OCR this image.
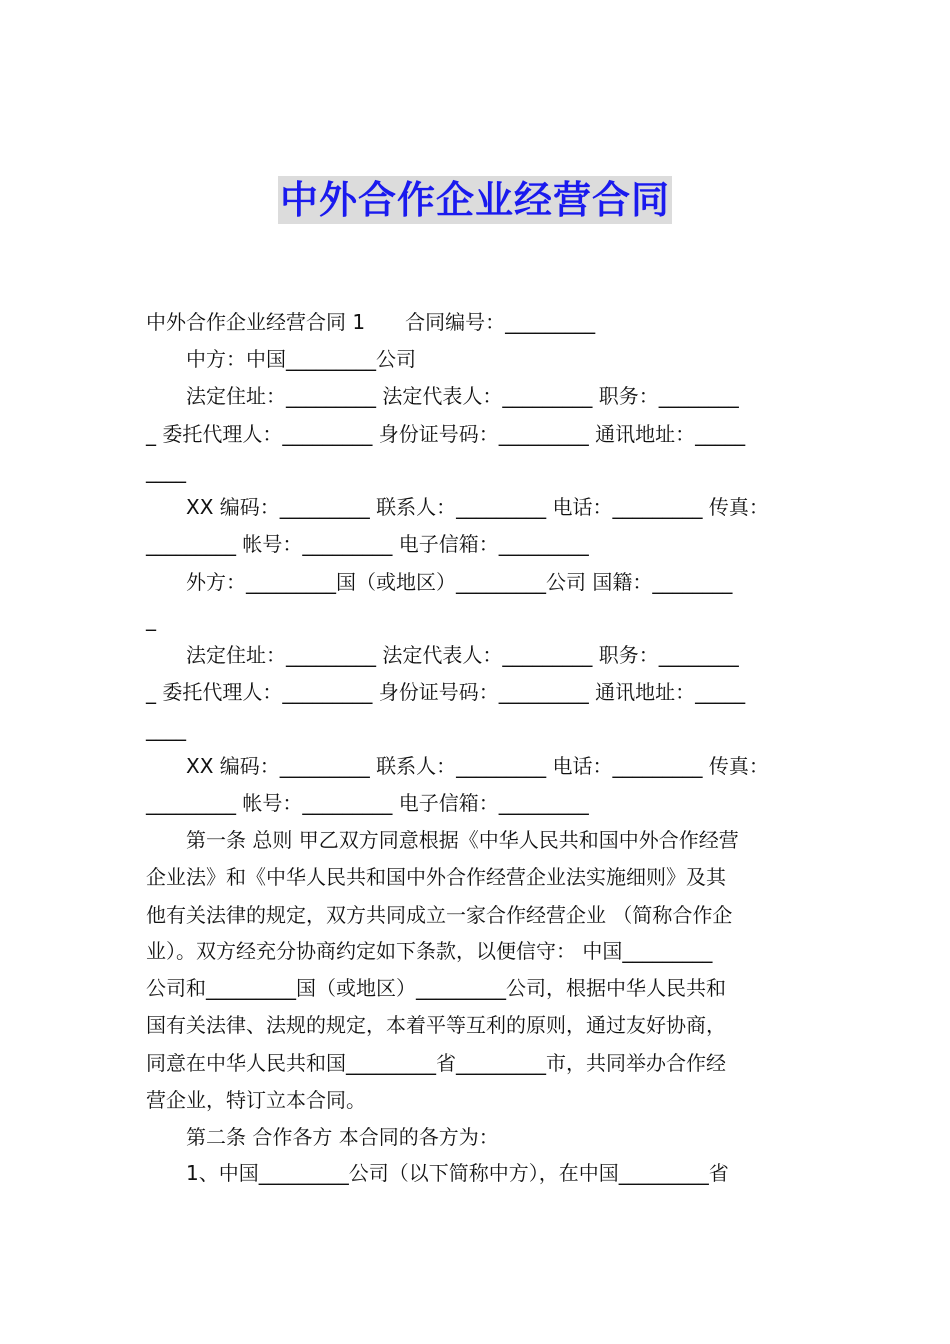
中外合作企业经营合同
中外合作企业经营合同 1　　合同编号：_________
　　中方：中国_________公司
　　法定住址：_________ 法定代表人：_________ 职务：________
_ 委托代理人：_________ 身份证号码：_________ 通讯地址：_____
____
　　XX 编码：_________ 联系人：_________ 电话：_________ 传真：
_________ 帐号：_________ 电子信箱：_________
　　外方：_________国（或地区）_________公司 国籍：________
_
　　法定住址：_________ 法定代表人：_________ 职务：________
_ 委托代理人：_________ 身份证号码：_________ 通讯地址：_____
____
　　XX 编码：_________ 联系人：_________ 电话：_________ 传真：
_________ 帐号：_________ 电子信箱：_________
　　第一条 总则 甲乙双方同意根据《中华人民共和国中外合作经营
企业法》和《中华人民共和国中外合作经营企业法实施细则》及其
他有关法律的规定，双方共同成立一家合作经营企业 （简称合作企
业）。双方经充分协商约定如下条款，以便信守： 中国_________
公司和_________国（或地区）_________公司，根据中华人民共和
国有关法律、法规的规定，本着平等互利的原则，通过友好协商，
同意在中华人民共和国_________省_________市，共同举办合作经
营企业，特订立本合同。
　　第二条 合作各方 本合同的各方为：
　　1、中国_________公司（以下简称中方），在中国_________省
